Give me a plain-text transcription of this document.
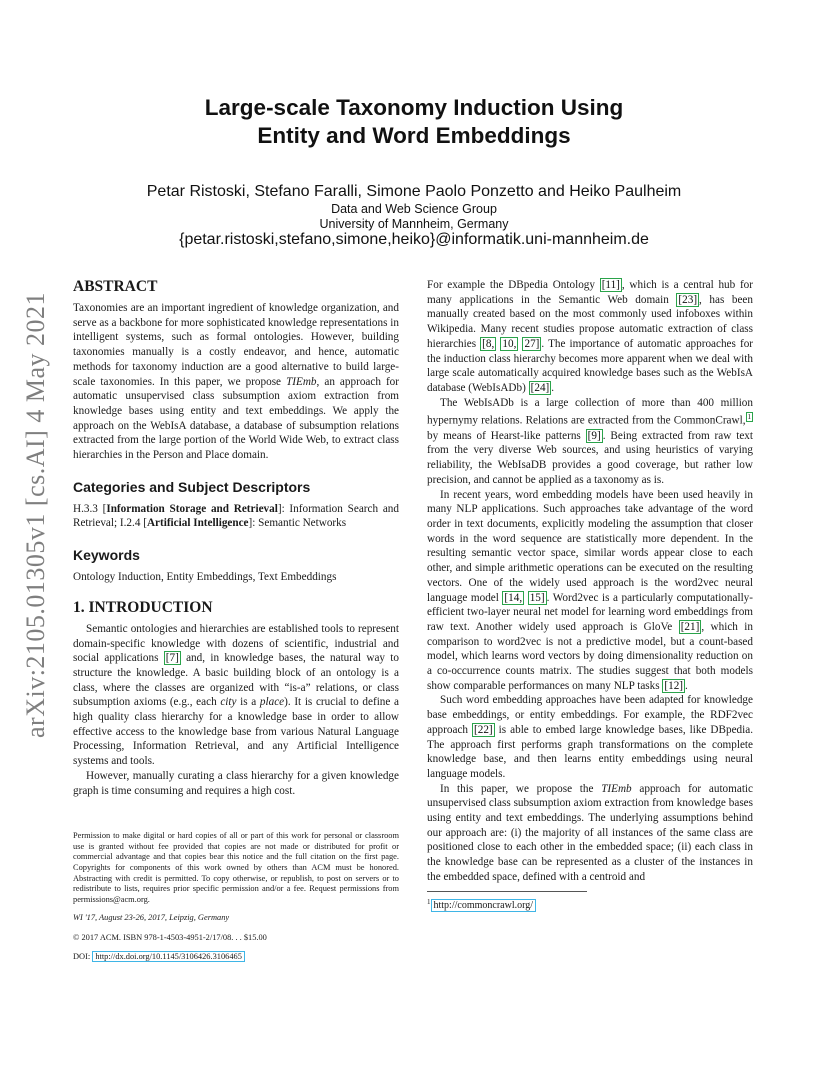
arXiv:2105.01305v1 [cs.AI] 4 May 2021
Large-scale Taxonomy Induction Using
Entity and Word Embeddings
Petar Ristoski, Stefano Faralli, Simone Paolo Ponzetto and Heiko Paulheim
Data and Web Science Group
University of Mannheim, Germany
{petar.ristoski,stefano,simone,heiko}@informatik.uni-mannheim.de
ABSTRACT

Taxonomies are an important ingredient of knowledge organization, and serve as a backbone for more sophisticated knowledge representations in intelligent systems, such as formal ontologies. However, building taxonomies manually is a costly endeavor, and hence, automatic methods for taxonomy induction are a good alternative to build large-scale taxonomies. In this paper, we propose TIEmb, an approach for automatic unsupervised class subsumption axiom extraction from knowledge bases using entity and text embeddings. We apply the approach on the WebIsA database, a database of subsumption relations extracted from the large portion of the World Wide Web, to extract class hierarchies in the Person and Place domain.

Categories and Subject Descriptors

H.3.3 [Information Storage and Retrieval]: Information Search and Retrieval; I.2.4 [Artificial Intelligence]: Semantic Networks

Keywords

Ontology Induction, Entity Embeddings, Text Embeddings

1. INTRODUCTION

Semantic ontologies and hierarchies are established tools to represent domain-specific knowledge with dozens of scientific, industrial and social applications [7] and, in knowledge bases, the natural way to structure the knowledge. A basic building block of an ontology is a class, where the classes are organized with “is-a” relations, or class subsumption axioms (e.g., each city is a place). It is crucial to define a high quality class hierarchy for a knowledge base in order to allow effective access to the knowledge base from various Natural Language Processing, Information Retrieval, and any Artificial Intelligence systems and tools.

However, manually curating a class hierarchy for a given knowledge graph is time consuming and requires a high cost.

Permission to make digital or hard copies of all or part of this work for personal or classroom use is granted without fee provided that copies are not made or distributed for profit or commercial advantage and that copies bear this notice and the full citation on the first page. Copyrights for components of this work owned by others than ACM must be honored. Abstracting with credit is permitted. To copy otherwise, or republish, to post on servers or to redistribute to lists, requires prior specific permission and/or a fee. Request permissions from permissions@acm.org.
WI '17, August 23-26, 2017, Leipzig, Germany
© 2017 ACM. ISBN 978-1-4503-4951-2/17/08. . . $15.00
DOI: http://dx.doi.org/10.1145/3106426.3106465

For example the DBpedia Ontology [11] , which is a central hub for many applications in the Semantic Web domain [23] , has been manually created based on the most commonly used infoboxes within Wikipedia. Many recent studies propose automatic extraction of class hierarchies [8, 10, 27] . The importance of automatic approaches for the induction class hierarchy becomes more apparent when we deal with large scale automatically acquired knowledge bases such as the WebIsA database (WebIsADb) [24] .

The WebIsADb is a large collection of more than 400 million hypernymy relations. Relations are extracted from the CommonCrawl, $^1$ by means of Hearst-like patterns [9] . Being extracted from raw text from the very diverse Web sources, and using heuristics of varying reliability, the WebIsaDB provides a good coverage, but rather low precision, and cannot be applied as a taxonomy as is.

In recent years, word embedding models have been used heavily in many NLP applications. Such approaches take advantage of the word order in text documents, explicitly modeling the assumption that closer words in the word sequence are statistically more dependent. In the resulting semantic vector space, similar words appear close to each other, and simple arithmetic operations can be executed on the resulting vectors. One of the widely used approach is the word2vec neural language model [14, 15] . Word2vec is a particularly computationally-efficient two-layer neural net model for learning word embeddings from raw text. Another widely used approach is GloVe [21] , which in comparison to word2vec is not a predictive model, but a count-based model, which learns word vectors by doing dimensionality reduction on a co-occurrence counts matrix. The studies suggest that both models show comparable performances on many NLP tasks [12] .

Such word embedding approaches have been adapted for knowledge base embeddings, or entity embeddings. For example, the RDF2vec approach [22] is able to embed large knowledge bases, like DBpedia. The approach first performs graph transformations on the complete knowledge base, and then learns entity embeddings using neural language models.

In this paper, we propose the TIEmb approach for automatic unsupervised class subsumption axiom extraction from knowledge bases using entity and text embeddings. The underlying assumptions behind our approach are: (i) the majority of all instances of the same class are positioned close to each other in the embedded space; (ii) each class in the knowledge base can be represented as a cluster of the instances in the embedded space, defined with a centroid and

$^1$ http://commoncrawl.org/
